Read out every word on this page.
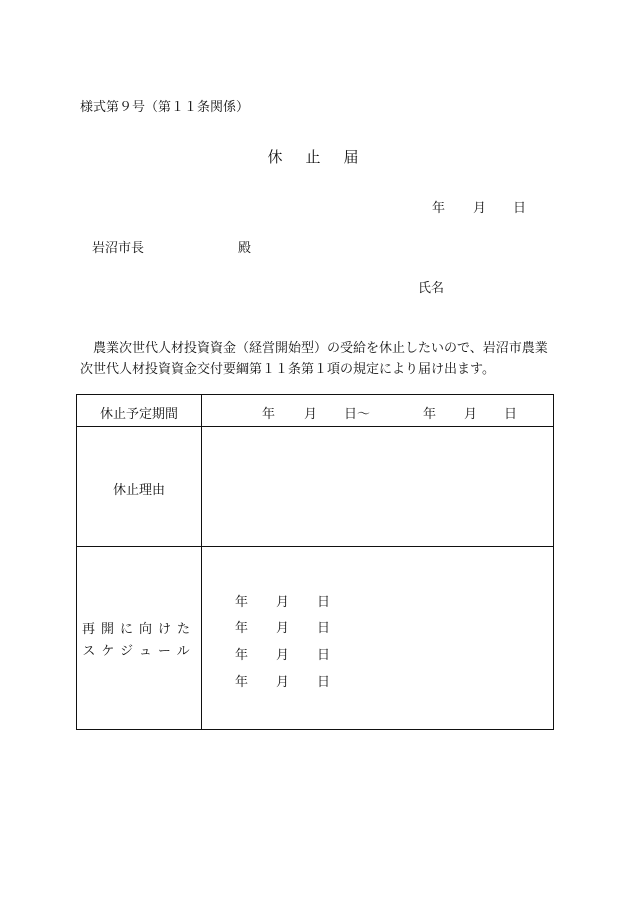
様式第９号（第１１条関係）
休　止　届
年 月 日
岩沼市長	殿
氏名
農業次世代人材投資資金（経営開始型）の受給を休止したいので、岩沼市農業次世代人材投資資金交付要綱第１１条第１項の規定により届け出ます。
休止予定期間	年 月 日〜	年 月 日
休止理由
再開に向けた
スケジュール
年 月 日
年 月 日
年 月 日
年 月 日
